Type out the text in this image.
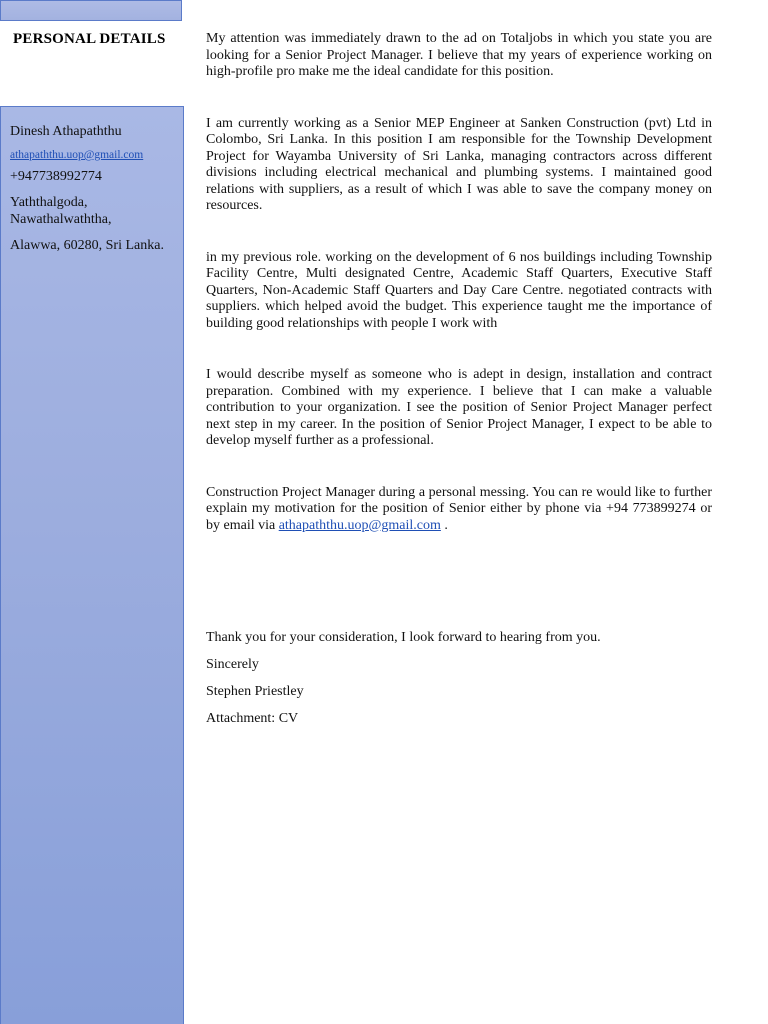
PERSONAL DETAILS
Dinesh Athapaththu
athapaththu.uop@gmail.com
+947738992774
Yaththalgoda,
Nawathalwaththa,
Alawwa, 60280, Sri Lanka.

My attention was immediately drawn to the ad on Totaljobs in which you state you are looking for a Senior Project Manager. I believe that my years of experience working on high-profile pro make me the ideal candidate for this position.

I am currently working as a Senior MEP Engineer at Sanken Construction (pvt) Ltd in Colombo, Sri Lanka. In this position I am responsible for the Township Development Project for Wayamba University of Sri Lanka, managing contractors across different divisions including electrical mechanical and plumbing systems. I maintained good relations with suppliers, as a result of which I was able to save the company money on resources.

in my previous role. working on the development of 6 nos buildings including Township Facility Centre, Multi designated Centre, Academic Staff Quarters, Executive Staff Quarters, Non-Academic Staff Quarters and Day Care Centre. negotiated contracts with suppliers. which helped avoid the budget. This experience taught me the importance of building good relationships with people I work with

I would describe myself as someone who is adept in design, installation and contract preparation. Combined with my experience. I believe that I can make a valuable contribution to your organization. I see the position of Senior Project Manager perfect next step in my career. In the position of Senior Project Manager, I expect to be able to develop myself further as a professional.

Construction Project Manager during a personal messing. You can re would like to further explain my motivation for the position of Senior either by phone via +94 773899274 or by email via athapaththu.uop@gmail.com .

Thank you for your consideration, I look forward to hearing from you.
Sincerely
Stephen Priestley
Attachment: CV
